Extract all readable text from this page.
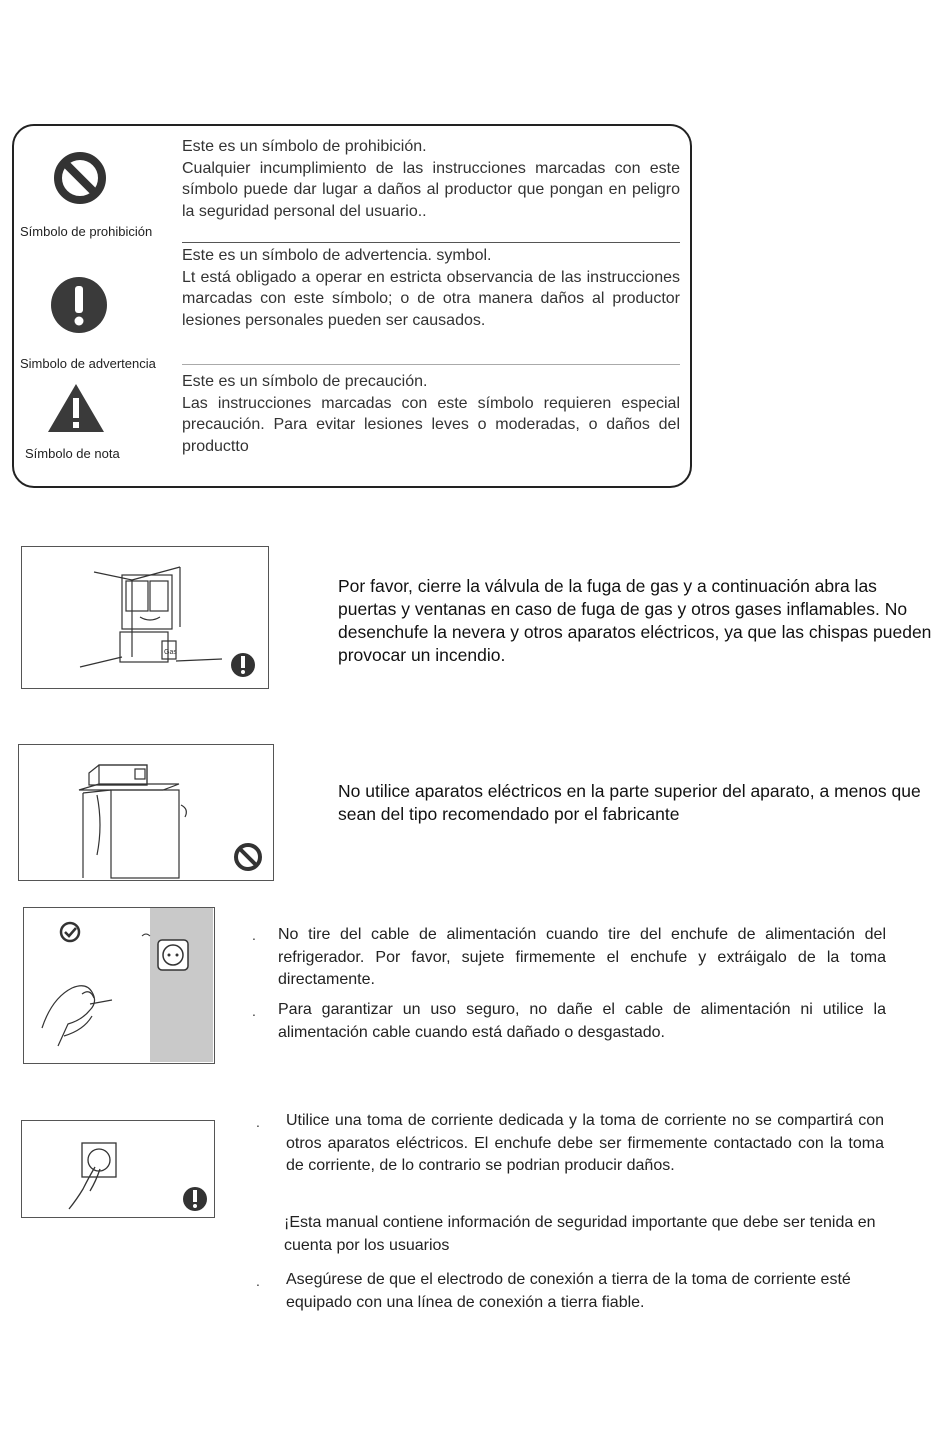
Símbolo de prohibición

Este es un símbolo de prohibición.

Cualquier incumplimiento de las instrucciones marcadas con este símbolo puede dar lugar a daños al productor que pongan en peligro la seguridad personal del usuario..

Simbolo de advertencia

Este es un símbolo de advertencia. symbol.

Lt está obligado a operar en estricta observancia de las instrucciones marcadas con este símbolo; o de otra manera daños al productor lesiones personales pueden ser causados.

Símbolo de nota

Este es un símbolo de precaución.

Las instrucciones marcadas con este símbolo requieren especial precaución. Para evitar lesiones leves o moderadas, o daños del producttо

Gas
Por favor, cierre la válvula de la fuga de gas y a continuación abra las puertas y ventanas en caso de fuga de gas y otros gases inflamables. No desenchufe la nevera y otros aparatos eléctricos, ya que las chispas pueden provocar un incendio.
No utilice aparatos eléctricos en la parte superior del aparato, a menos que sean del tipo recomendado por el fabricante
. No tire del cable de alimentación cuando tire del enchufe de alimentación del refrigerador. Por favor, sujete firmemente el enchufe y extráigalo de la toma directamente.
. Para garantizar un uso seguro, no dañe el cable de alimentación ni utilice la alimentación cable cuando está dañado o desgastado.
. Utilice una toma de corriente dedicada y la toma de corriente no se compartirá con otros aparatos eléctricos. El enchufe debe ser firmemente contactado con la toma de corriente, de lo contrario se podrian producir daños.
¡Esta manual contiene información de seguridad importante que debe ser tenida en cuenta por los usuarios
. Asegúrese de que el electrodo de conexión a tierra de la toma de corriente esté equipado con una línea de conexión a tierra fiable.
